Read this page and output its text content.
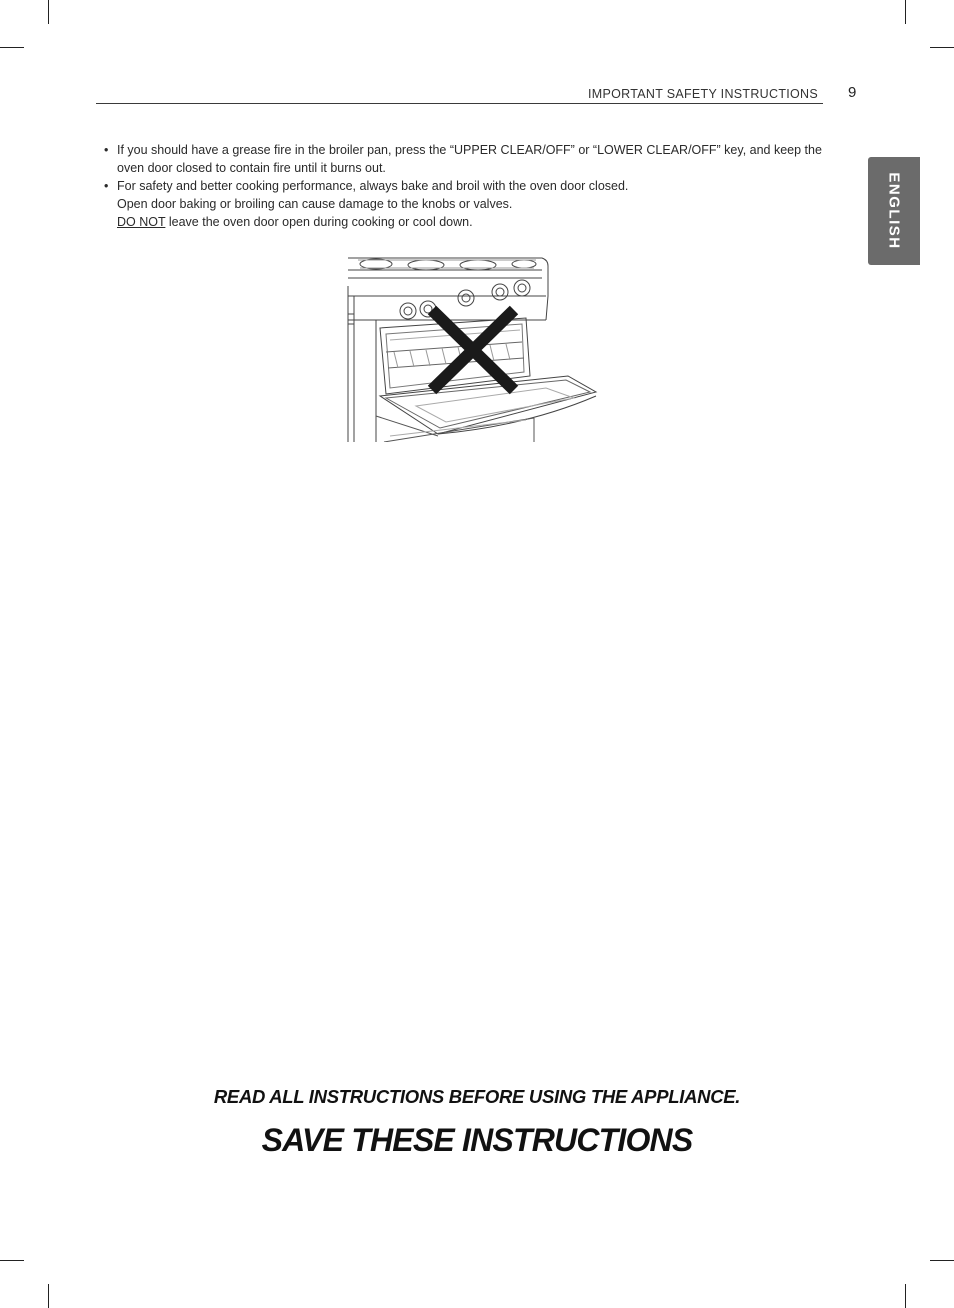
IMPORTANT SAFETY INSTRUCTIONS 9
ENGLISH
• If you should have a grease fire in the broiler pan, press the “UPPER CLEAR/OFF” or “LOWER CLEAR/OFF” key, and keep the oven door closed to contain fire until it burns out.
• For safety and better cooking performance, always bake and broil with the oven door closed.
Open door baking or broiling can cause damage to the knobs or valves.
DO NOT leave the oven door open during cooking or cool down.
READ ALL INSTRUCTIONS BEFORE USING THE APPLIANCE.
SAVE THESE INSTRUCTIONS
